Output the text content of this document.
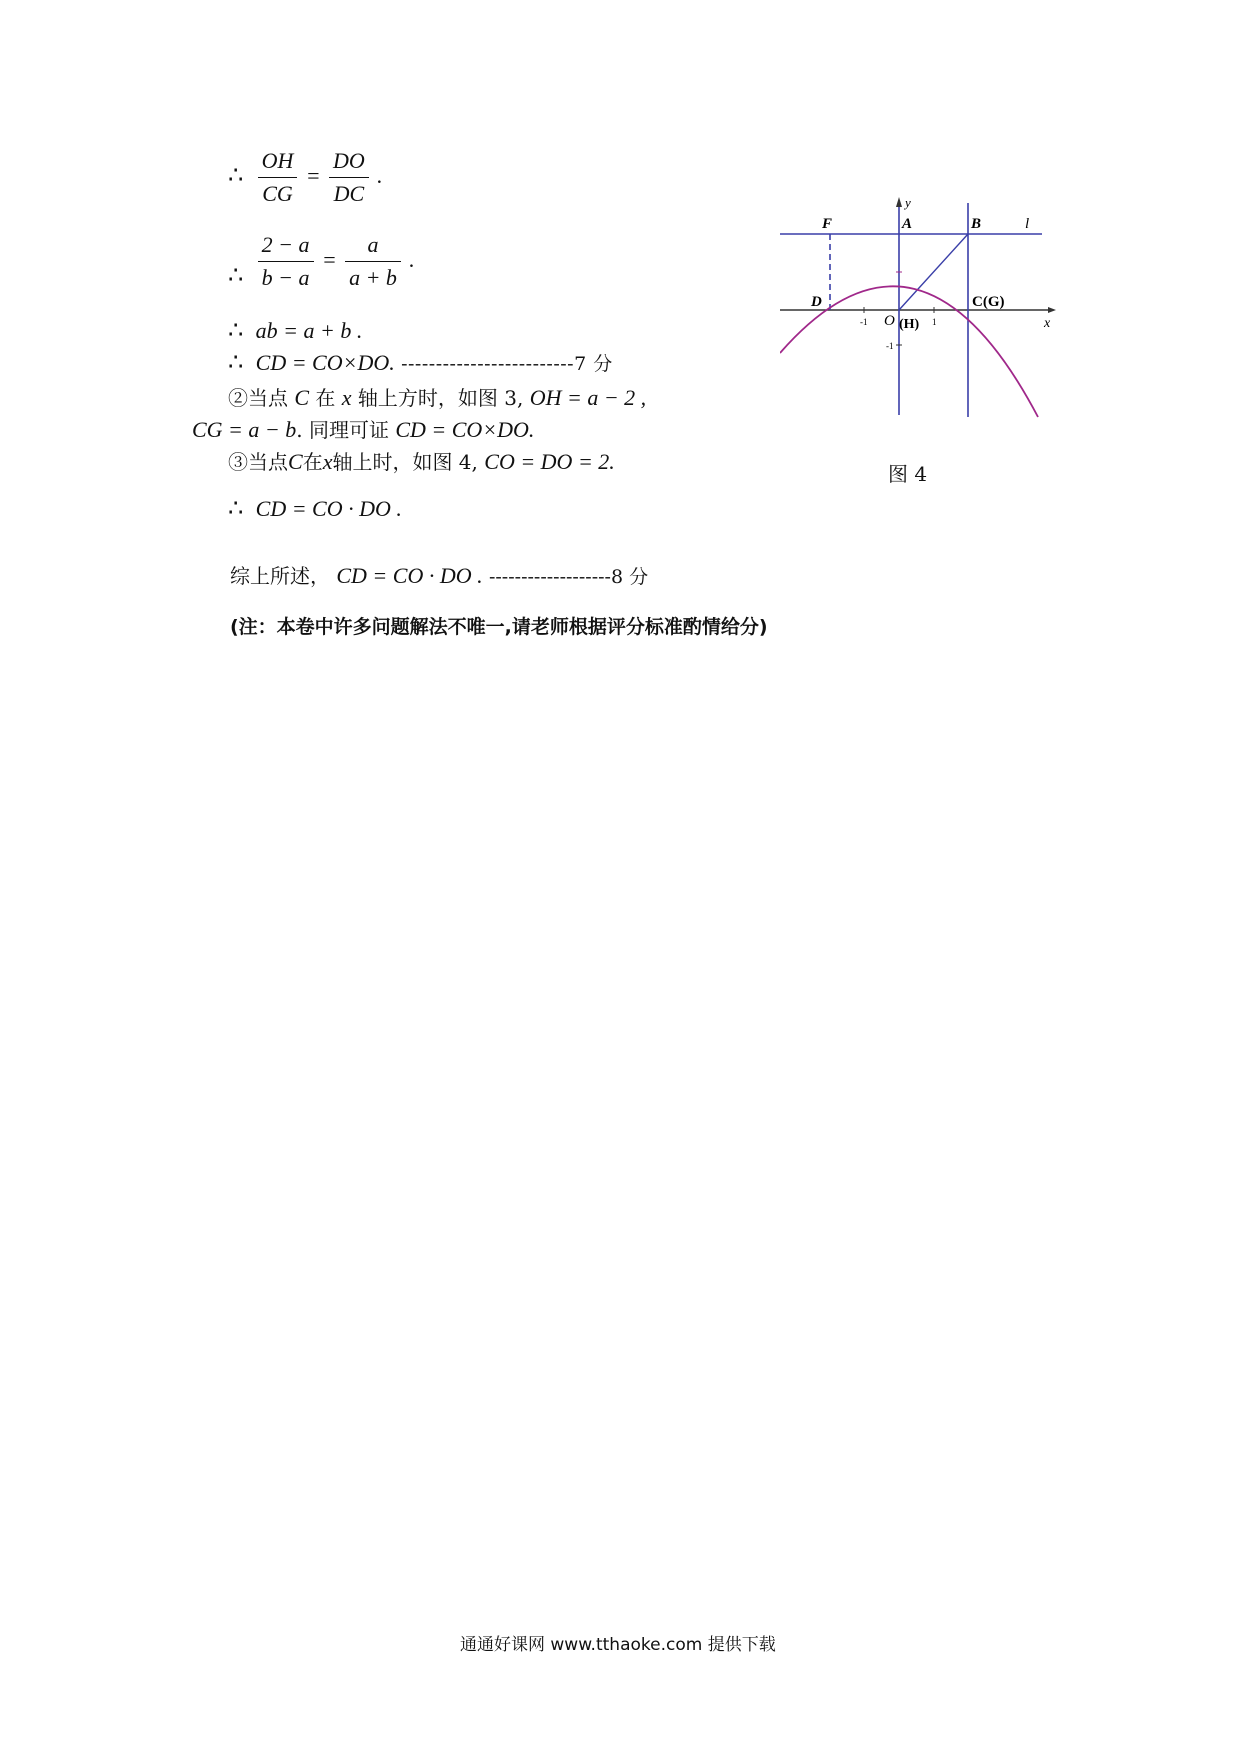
∴ $\frac{OH}{CG} = \frac{DO}{DC}$ .
∴ $\frac{2 - a}{b - a} = \frac{a}{a + b}$ .
∴ ab = a + b .
∴ CD = CO×DO. -------------------------7 分
②当点 C 在 x 轴上方时，如图 3, OH = a − 2 ,
CG = a − b. 同理可证 CD = CO×DO.
③当点C在x轴上时，如图 4, CO = DO = 2.
∴ CD = CO · DO .
综上所述， CD = CO · DO . -------------------8 分
(注：本卷中许多问题解法不唯一,请老师根据评分标准酌情给分)
F	A	B	l
y
x
D
O (H)
C(G)
-1	1
-1
图 4
通通好课网 www.tthaoke.com 提供下载
